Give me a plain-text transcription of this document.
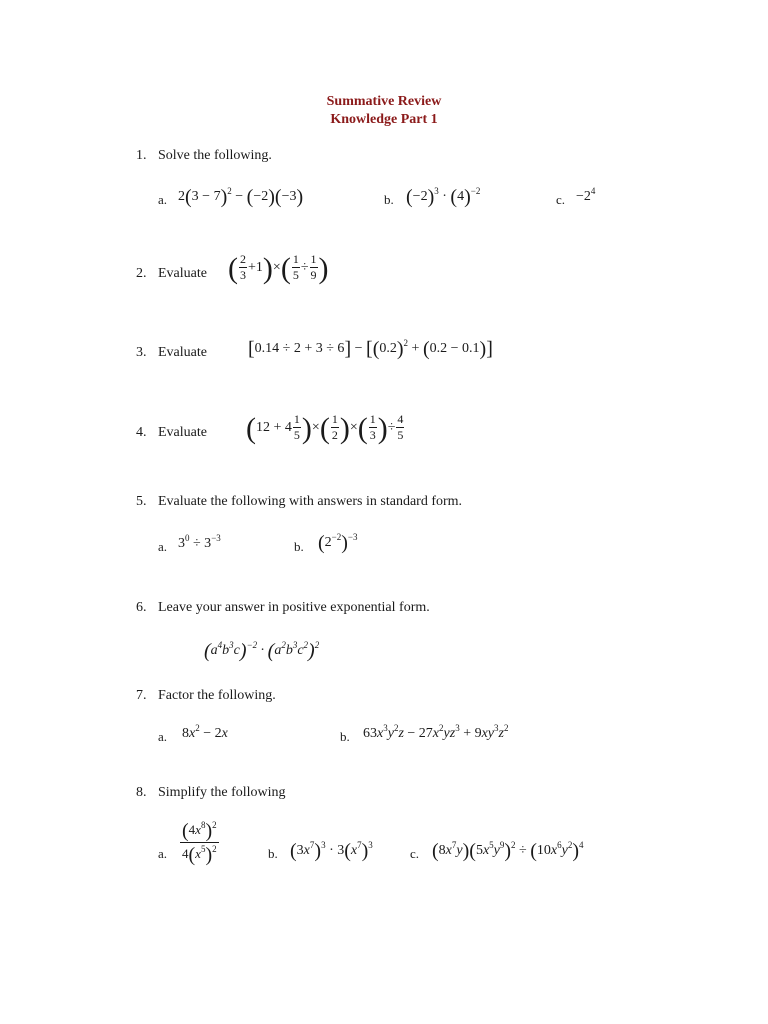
Summative Review
Knowledge Part 1
1. Solve the following.
a. $2(3 - 7)^2 - (-2)(-3)$	b. $(-2)^3 \cdot (4)^{-2}$
c. $-2^4$
2. Evaluate ( $\frac{2}{3} +1)\times( \frac{1}{5} \div \frac{1}{9}$ )
3. Evaluate $[0.14 \div 2 + 3 \div 6] - [(0.2)^2 + (0.2 - 0.1)]$
4. Evaluate ($12 + 4 \frac{1}{5}$ )×( $\frac{1}{2}$ )×( $\frac{1}{3}$ )÷ $\frac{4}{5}$
5. Evaluate the following with answers in standard form.
a. $3^0 \div 3^{-3}$
b. $(2^{-2})^{-3}$
6. Leave your answer in positive exponential form.
$(a^4b^3c)^{-2} \cdot (a^2b^3c^2)^2$
7. Factor the following.
a. $8x^2 - 2x$	b. $63x^3y^2z - 27x^2yz^3 + 9xy^3z^2$
8. Simplify the following
a. $\frac{(4x^8)^2}{4(x^5)^2}$	b. $(3x^7)^3 \cdot 3(x^7)^3$
c. $(8x^7y)(5x^5y^9)^2 \div (10x^6y^2)^4$
